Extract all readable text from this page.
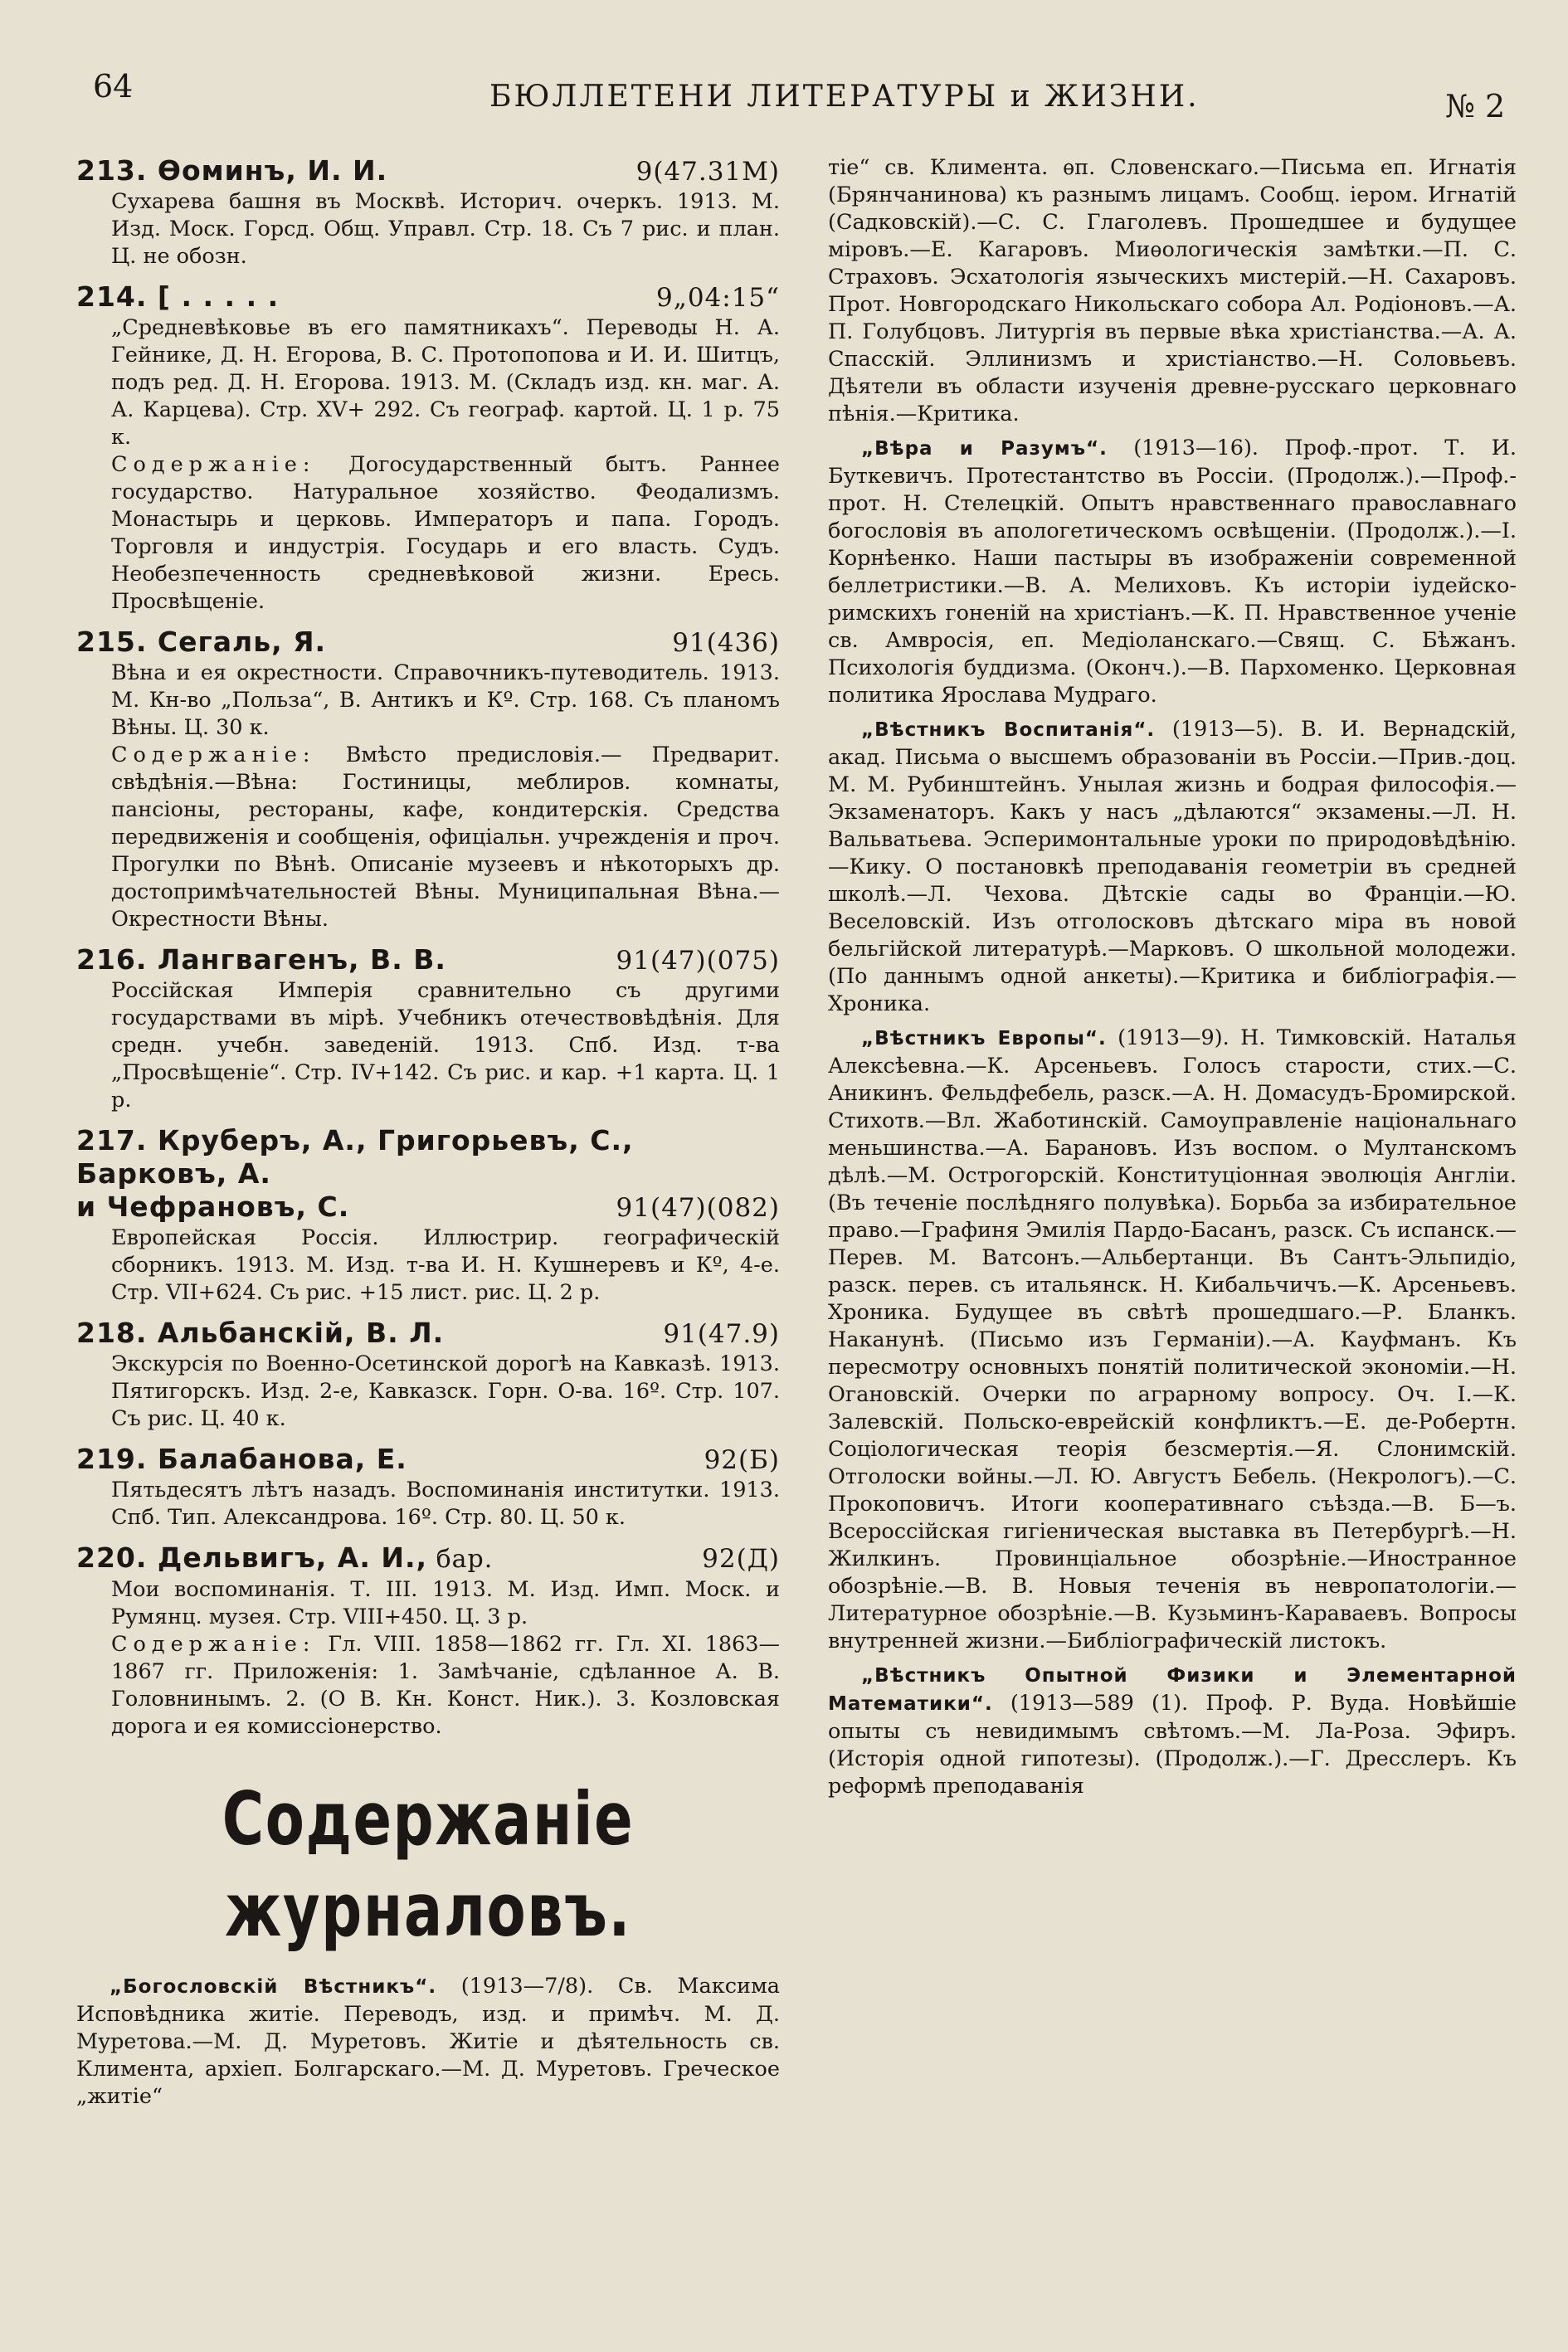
64	БЮЛЛЕТЕНИ ЛИТЕРАТУРЫ и ЖИЗНИ.	№ 2
213. Ѳоминъ, И. И.	9(47.31М)
Сухарева башня въ Москвѣ. Историч. очеркъ. 1913. М. Изд. Моск. Горсд. Общ. Управл. Стр. 18. Съ 7 рис. и план. Ц. не обозн.
214. [ . . . . .	9„04:15“
„Средневѣковье въ его памятникахъ“. Переводы Н. А. Гейнике, Д. Н. Егорова, В. С. Протопопова и И. И. Шитцъ, подъ ред. Д. Н. Егорова. 1913. М. (Складъ изд. кн. маг. А. А. Карцева). Стр. XV+ 292. Съ географ. картой. Ц. 1 р. 75 к.
Содержаніе: Догосударственный бытъ. Раннее государство. Натуральное хозяйство. Феодализмъ. Монастырь и церковь. Императоръ и папа. Городъ. Торговля и индустрія. Государь и его власть. Судъ. Необезпеченность средневѣковой жизни. Ересь. Просвѣщеніе.
215. Сегаль, Я.	91(436)
Вѣна и ея окрестности. Справочникъ-путеводитель. 1913. М. Кн-во „Польза“, В. Антикъ и Кº. Стр. 168. Съ планомъ Вѣны. Ц. 30 к.
Содержаніе: Вмѣсто предисловія.— Предварит. свѣдѣнія.—Вѣна: Гостиницы, меблиров. комнаты, пансіоны, рестораны, кафе, кондитерскія. Средства передвиженія и сообщенія, офиціальн. учрежденія и проч. Прогулки по Вѣнѣ. Описаніе музеевъ и нѣкоторыхъ др. достопримѣчательностей Вѣны. Муниципальная Вѣна.— Окрестности Вѣны.
216. Лангвагенъ, В. В.	91(47)(075)
Россійская Имперія сравнительно съ другими государствами въ мірѣ. Учебникъ отечествовѣдѣнія. Для средн. учебн. заведеній. 1913. Спб. Изд. т-ва „Просвѣщеніе“. Стр. IV+142. Съ рис. и кар. +1 карта. Ц. 1 р.
217. Круберъ, А., Григорьевъ, С., Барковъ, А.
и Чефрановъ, С.	91(47)(082)
Европейская Россія. Иллюстрир. географическій сборникъ. 1913. М. Изд. т-ва И. Н. Кушнеревъ и Кº, 4-е. Стр. VII+624. Съ рис. +15 лист. рис. Ц. 2 р.
218. Альбанскій, В. Л.	91(47.9)
Экскурсія по Военно-Осетинской дорогѣ на Кавказѣ. 1913. Пятигорскъ. Изд. 2-е, Кавказск. Горн. О-ва. 16º. Стр. 107. Съ рис. Ц. 40 к.
219. Балабанова, Е.	92(Б)
Пятьдесятъ лѣтъ назадъ. Воспоминанія институтки. 1913. Спб. Тип. Александрова. 16º. Стр. 80. Ц. 50 к.
220. Дельвигъ, А. И., бар.	92(Д)
Мои воспоминанія. Т. III. 1913. М. Изд. Имп. Моск. и Румянц. музея. Стр. VIII+450. Ц. 3 р.
Содержаніе: Гл. VIII. 1858—1862 гг. Гл. XI. 1863—1867 гг. Приложенія: 1. Замѣчаніе, сдѣланное А. В. Головнинымъ. 2. (О В. Кн. Конст. Ник.). 3. Козловская дорога и ея комиссіонерство.
Содержаніе журналовъ.
„Богословскій Вѣстникъ“. (1913—7/8). Св. Максима Исповѣдника житіе. Переводъ, изд. и примѣч. М. Д. Муретова.—М. Д. Муретовъ. Житіе и дѣятельность св. Климента, архіеп. Болгарскаго.—М. Д. Муретовъ. Греческое „житіе“
тіе“ св. Климента. ѳп. Словенскаго.—Письма еп. Игнатія (Брянчанинова) къ разнымъ лицамъ. Сообщ. іером. Игнатій (Садковскій).—С. С. Глаголевъ. Прошедшее и будущее міровъ.—Е. Кагаровъ. Миѳологическія замѣтки.—П. С. Страховъ. Эсхатологія языческихъ мистерій.—Н. Сахаровъ. Прот. Новгородскаго Никольскаго собора Ал. Родіоновъ.—А. П. Голубцовъ. Литургія въ первые вѣка христіанства.—А. А. Спасскій. Эллинизмъ и христіанство.—Н. Соловьевъ. Дѣятели въ области изученія древне-русскаго церковнаго пѣнія.—Критика.
„Вѣра и Разумъ“. (1913—16). Проф.-прот. Т. И. Буткевичъ. Протестантство въ Россіи. (Продолж.).—Проф.-прот. Н. Стелецкій. Опытъ нравственнаго православнаго богословія въ апологетическомъ освѣщеніи. (Продолж.).—І. Корнѣенко. Наши пастыры въ изображеніи современной беллетристики.—В. А. Мелиховъ. Къ исторіи іудейско-римскихъ гоненій на христіанъ.—К. П. Нравственное ученіе св. Амвросія, еп. Медіоланскаго.—Свящ. С. Бѣжанъ. Психологія буддизма. (Оконч.).—В. Пархоменко. Церковная политика Ярослава Мудраго.
„Вѣстникъ Воспитанія“. (1913—5). В. И. Вернадскій, акад. Письма о высшемъ образованіи въ Россіи.—Прив.-доц. М. М. Рубинштейнъ. Унылая жизнь и бодрая философія.—Экзаменаторъ. Какъ у насъ „дѣлаются“ экзамены.—Л. Н. Вальватьева. Эсперимонтальные уроки по природовѣдѣнію.—Кику. О постановкѣ преподаванія геометріи въ средней школѣ.—Л. Чехова. Дѣтскіе сады во Франціи.—Ю. Веселовскій. Изъ отголосковъ дѣтскаго міра въ новой бельгійской литературѣ.—Марковъ. О школьной молодежи. (По даннымъ одной анкеты).—Критика и библіографія.—Хроника.
„Вѣстникъ Европы“. (1913—9). Н. Тимковскій. Наталья Алексѣевна.—К. Арсеньевъ. Голосъ старости, стих.—С. Аникинъ. Фельдфебель, разск.—А. Н. Домасудъ-Бромирской. Стихотв.—Вл. Жаботинскій. Самоуправленіе національнаго меньшинства.—А. Барановъ. Изъ воспом. о Мултанскомъ дѣлѣ.—М. Острогорскій. Конституціонная эволюція Англіи. (Въ теченіе послѣдняго полувѣка). Борьба за избирательное право.—Графиня Эмилія Пардо-Басанъ, разск. Съ испанск.—Перев. М. Ватсонъ.—Альбертанци. Въ Сантъ-Эльпидіо, разск. перев. съ итальянск. Н. Кибальчичъ.—К. Арсеньевъ. Хроника. Будущее въ свѣтѣ прошедшаго.—Р. Бланкъ. Наканунѣ. (Письмо изъ Германіи).—А. Кауфманъ. Къ пересмотру основныхъ понятій политической экономіи.—Н. Огановскій. Очерки по аграрному вопросу. Оч. I.—К. Залевскій. Польско-еврейскій конфликтъ.—Е. де-Робертн. Соціологическая теорія безсмертія.—Я. Слонимскій. Отголоски войны.—Л. Ю. Августъ Бебель. (Некрологъ).—С. Прокоповичъ. Итоги кооперативнаго съѣзда.—В. Б—ъ. Всероссійская гигіеническая выставка въ Петербургѣ.—Н. Жилкинъ. Провинціальное обозрѣніе.—Иностранное обозрѣніе.—В. В. Новыя теченія въ невропатологіи.—Литературное обозрѣніе.—В. Кузьминъ-Караваевъ. Вопросы внутренней жизни.—Библіографическій листокъ.
„Вѣстникъ Опытной Физики и Элементарной Математики“. (1913—589 (1). Проф. Р. Вуда. Новѣйшіе опыты съ невидимымъ свѣтомъ.—М. Ла-Роза. Эфиръ. (Исторія одной гипотезы). (Продолж.).—Г. Дресслеръ. Къ реформѣ преподаванія
